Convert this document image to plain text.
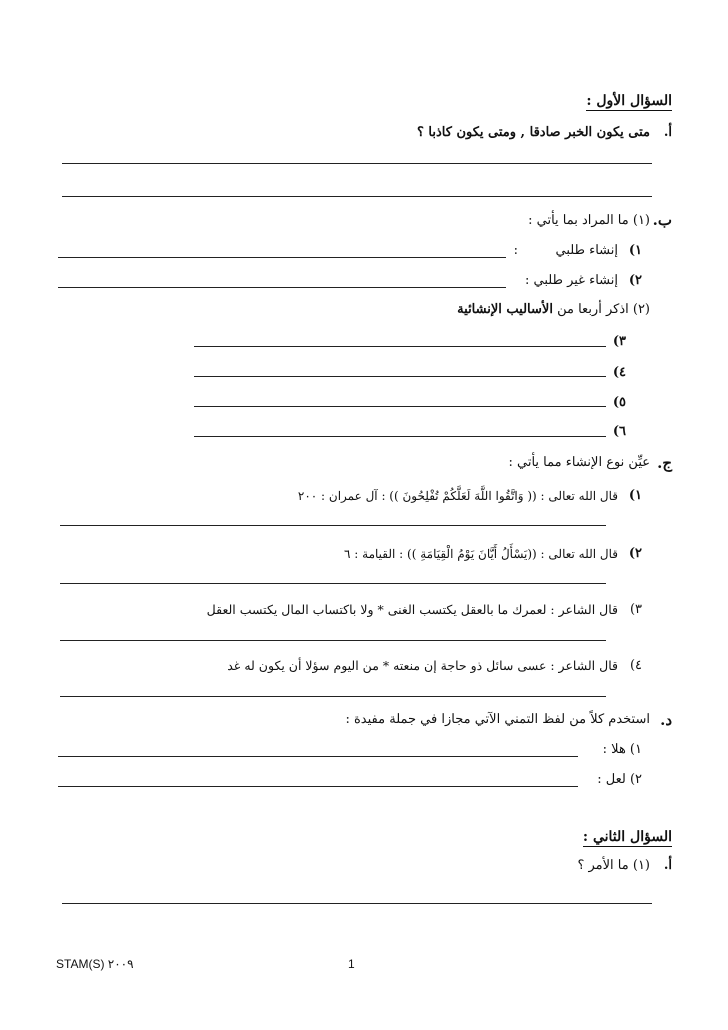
السؤال الأول :
أ.
متى يكون الخبر صادقا , ومتى يكون كاذبا ؟
ب.
(١) ما المراد بما يأتي :
١)
إنشاء طلبي
:
٢)
إنشاء غير طلبي :
(٢) اذكر أربعا من الأساليب الإنشائية
٣)
٤)
٥)
٦)
ج.
عيِّن نوع الإنشاء مما يأتي :
١)
قال الله تعالى : (( وَاتَّقُوا اللَّهَ لَعَلَّكُمْ تُفْلِحُونَ )) : آل عمران : ٢٠٠
٢)
قال الله تعالى : ((يَسْأَلُ أَيَّانَ يَوْمُ الْقِيَامَةِ )) : القيامة : ٦
٣)
قال الشاعر : لعمرك ما بالعقل يكتسب الغنى * ولا باكتساب المال يكتسب العقل
٤)
قال الشاعر : عسى سائل ذو حاجة إن منعته * من اليوم سؤلا أن يكون له غد
د.
استخدم كلاً من لفظ التمني الآتي مجازا في جملة مفيدة :
١) هلا :
٢) لعل :
السؤال الثاني :
أ.
(١) ما الأمر ؟
STAM(S) ٢٠٠٩	1
